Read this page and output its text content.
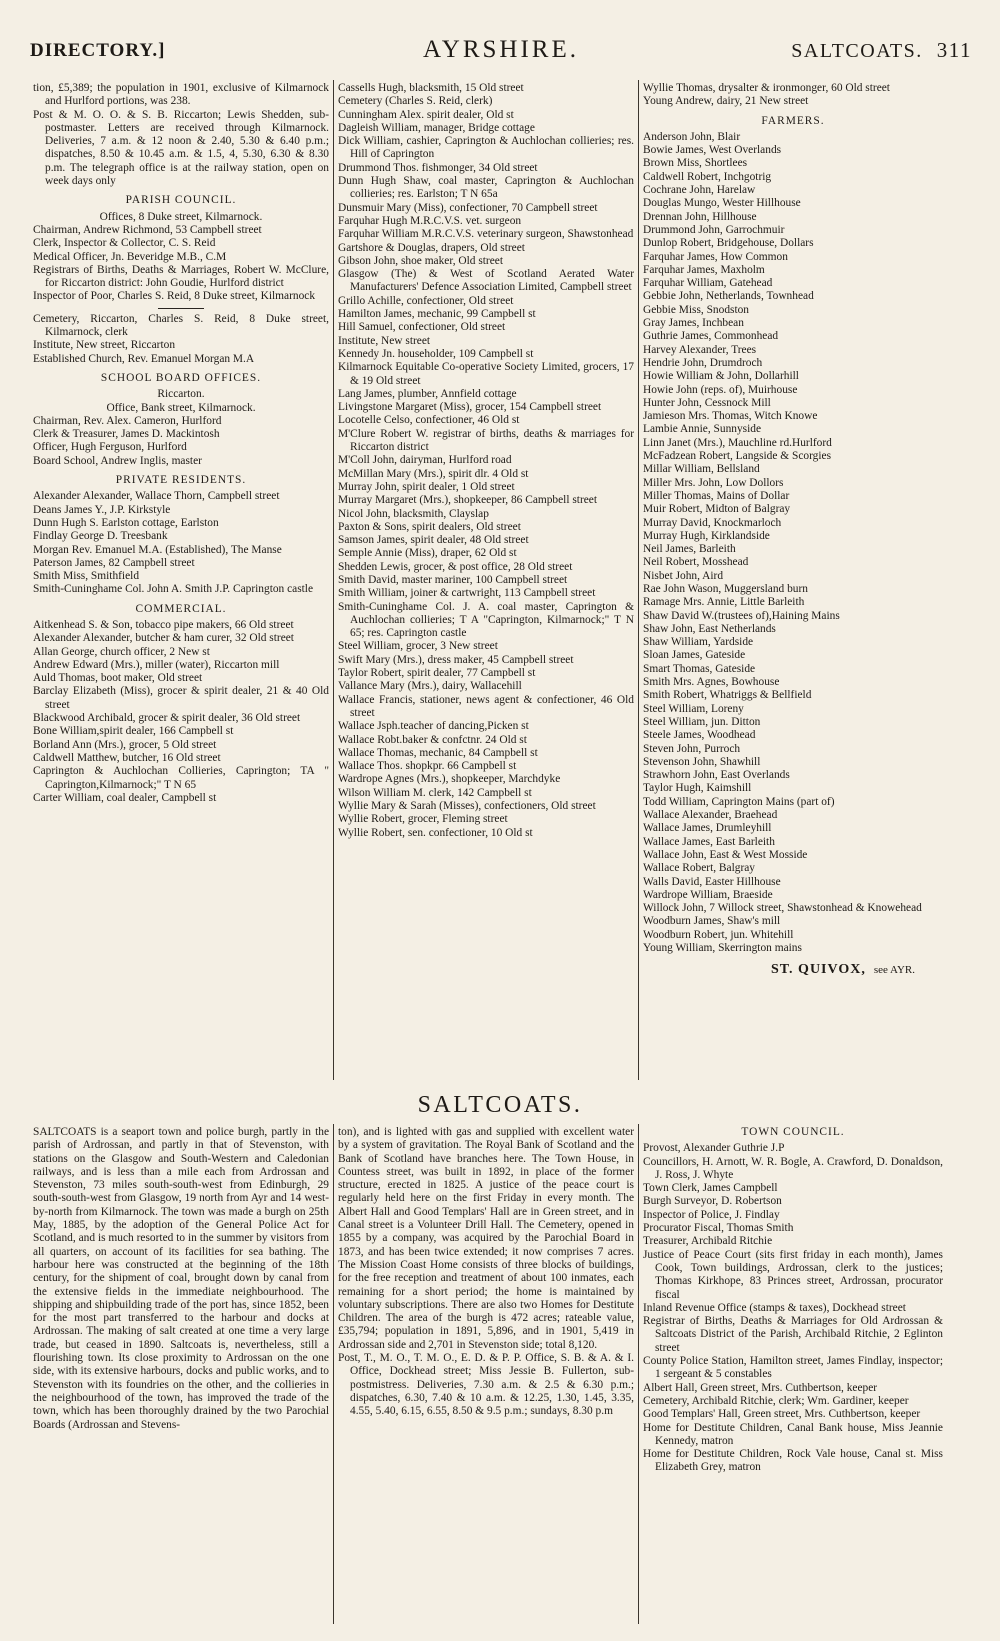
DIRECTORY.]	AYRSHIRE.	SALTCOATS. 311

tion, £5,389; the population in 1901, exclusive of Kilmarnock and Hurlford portions, was 238.

Post & M. O. O. & S. B. Riccarton; Lewis Shedden, sub-postmaster. Letters are received through Kilmarnock. Deliveries, 7 a.m. & 12 noon & 2.40, 5.30 & 6.40 p.m.; dispatches, 8.50 & 10.45 a.m. & 1.5, 4, 5.30, 6.30 & 8.30 p.m. The telegraph office is at the railway station, open on week days only

PARISH COUNCIL.

Offices, 8 Duke street, Kilmarnock.

Chairman, Andrew Richmond, 53 Campbell street

Clerk, Inspector & Collector, C. S. Reid

Medical Officer, Jn. Beveridge M.B., C.M

Registrars of Births, Deaths & Marriages, Robert W. McClure, for Riccarton district: John Goudie, Hurlford district

Inspector of Poor, Charles S. Reid, 8 Duke street, Kilmarnock

Cemetery, Riccarton, Charles S. Reid, 8 Duke street, Kilmarnock, clerk

Institute, New street, Riccarton

Established Church, Rev. Emanuel Morgan M.A

SCHOOL BOARD OFFICES.

Riccarton.

Office, Bank street, Kilmarnock.

Chairman, Rev. Alex. Cameron, Hurlford

Clerk & Treasurer, James D. Mackintosh

Officer, Hugh Ferguson, Hurlford

Board School, Andrew Inglis, master

PRIVATE RESIDENTS.

Alexander Alexander, Wallace Thorn, Campbell street

Deans James Y., J.P. Kirkstyle

Dunn Hugh S. Earlston cottage, Earlston

Findlay George D. Treesbank

Morgan Rev. Emanuel M.A. (Established), The Manse

Paterson James, 82 Campbell street

Smith Miss, Smithfield

Smith-Cuninghame Col. John A. Smith J.P. Caprington castle

COMMERCIAL.

Aitkenhead S. & Son, tobacco pipe makers, 66 Old street

Alexander Alexander, butcher & ham curer, 32 Old street

Allan George, church officer, 2 New st

Andrew Edward (Mrs.), miller (water), Riccarton mill

Auld Thomas, boot maker, Old street

Barclay Elizabeth (Miss), grocer & spirit dealer, 21 & 40 Old street

Blackwood Archibald, grocer & spirit dealer, 36 Old street

Bone William,spirit dealer, 166 Campbell st

Borland Ann (Mrs.), grocer, 5 Old street

Caldwell Matthew, butcher, 16 Old street

Caprington & Auchlochan Collieries, Caprington; TA " Caprington,Kilmarnock;" T N 65

Carter William, coal dealer, Campbell st

Cassells Hugh, blacksmith, 15 Old street

Cemetery (Charles S. Reid, clerk)

Cunningham Alex. spirit dealer, Old st

Dagleish William, manager, Bridge cottage

Dick William, cashier, Caprington & Auchlochan collieries; res. Hill of Caprington

Drummond Thos. fishmonger, 34 Old street

Dunn Hugh Shaw, coal master, Caprington & Auchlochan collieries; res. Earlston; T N 65a

Dunsmuir Mary (Miss), confectioner, 70 Campbell street

Farquhar Hugh M.R.C.V.S. vet. surgeon

Farquhar William M.R.C.V.S. veterinary surgeon, Shawstonhead

Gartshore & Douglas, drapers, Old street

Gibson John, shoe maker, Old street

Glasgow (The) & West of Scotland Aerated Water Manufacturers' Defence Association Limited, Campbell street

Grillo Achille, confectioner, Old street

Hamilton James, mechanic, 99 Campbell st

Hill Samuel, confectioner, Old street

Institute, New street

Kennedy Jn. householder, 109 Campbell st

Kilmarnock Equitable Co-operative Society Limited, grocers, 17 & 19 Old street

Lang James, plumber, Annfield cottage

Livingstone Margaret (Miss), grocer, 154 Campbell street

Locotelle Celso, confectioner, 46 Old st

M'Clure Robert W. registrar of births, deaths & marriages for Riccarton district

M'Coll John, dairyman, Hurlford road

McMillan Mary (Mrs.), spirit dlr. 4 Old st

Murray John, spirit dealer, 1 Old street

Murray Margaret (Mrs.), shopkeeper, 86 Campbell street

Nicol John, blacksmith, Clayslap

Paxton & Sons, spirit dealers, Old street

Samson James, spirit dealer, 48 Old street

Semple Annie (Miss), draper, 62 Old st

Shedden Lewis, grocer, & post office, 28 Old street

Smith David, master mariner, 100 Campbell street

Smith William, joiner & cartwright, 113 Campbell street

Smith-Cuninghame Col. J. A. coal master, Caprington & Auchlochan collieries; T A "Caprington, Kilmarnock;" T N 65; res. Caprington castle

Steel William, grocer, 3 New street

Swift Mary (Mrs.), dress maker, 45 Campbell street

Taylor Robert, spirit dealer, 77 Campbell st

Vallance Mary (Mrs.), dairy, Wallacehill

Wallace Francis, stationer, news agent & confectioner, 46 Old street

Wallace Jsph.teacher of dancing,Picken st

Wallace Robt.baker & confctnr. 24 Old st

Wallace Thomas, mechanic, 84 Campbell st

Wallace Thos. shopkpr. 66 Campbell st

Wardrope Agnes (Mrs.), shopkeeper, Marchdyke

Wilson William M. clerk, 142 Campbell st

Wyllie Mary & Sarah (Misses), confectioners, Old street

Wyllie Robert, grocer, Fleming street

Wyllie Robert, sen. confectioner, 10 Old st

Wyllie Thomas, drysalter & ironmonger, 60 Old street

Young Andrew, dairy, 21 New street

FARMERS.

Anderson John, Blair

Bowie James, West Overlands

Brown Miss, Shortlees

Caldwell Robert, Inchgotrig

Cochrane John, Harelaw

Douglas Mungo, Wester Hillhouse

Drennan John, Hillhouse

Drummond John, Garrochmuir

Dunlop Robert, Bridgehouse, Dollars

Farquhar James, How Common

Farquhar James, Maxholm

Farquhar William, Gatehead

Gebbie John, Netherlands, Townhead

Gebbie Miss, Snodston

Gray James, Inchbean

Guthrie James, Commonhead

Harvey Alexander, Trees

Hendrie John, Drumdroch

Howie William & John, Dollarhill

Howie John (reps. of), Muirhouse

Hunter John, Cessnock Mill

Jamieson Mrs. Thomas, Witch Knowe

Lambie Annie, Sunnyside

Linn Janet (Mrs.), Mauchline rd.Hurlford

McFadzean Robert, Langside & Scorgies

Millar William, Bellsland

Miller Mrs. John, Low Dollors

Miller Thomas, Mains of Dollar

Muir Robert, Midton of Balgray

Murray David, Knockmarloch

Murray Hugh, Kirklandside

Neil James, Barleith

Neil Robert, Mosshead

Nisbet John, Aird

Rae John Wason, Muggersland burn

Ramage Mrs. Annie, Little Barleith

Shaw David W.(trustees of),Haining Mains

Shaw John, East Netherlands

Shaw William, Yardside

Sloan James, Gateside

Smart Thomas, Gateside

Smith Mrs. Agnes, Bowhouse

Smith Robert, Whatriggs & Bellfield

Steel William, Loreny

Steel William, jun. Ditton

Steele James, Woodhead

Steven John, Purroch

Stevenson John, Shawhill

Strawhorn John, East Overlands

Taylor Hugh, Kaimshill

Todd William, Caprington Mains (part of)

Wallace Alexander, Braehead

Wallace James, Drumleyhill

Wallace James, East Barleith

Wallace John, East & West Mosside

Wallace Robert, Balgray

Walls David, Easter Hillhouse

Wardrope William, Braeside

Willock John, 7 Willock street, Shawstonhead & Knowehead

Woodburn James, Shaw's mill

Woodburn Robert, jun. Whitehill

Young William, Skerrington mains

ST. QUIVOX, see AYR.
SALTCOATS.

SALTCOATS is a seaport town and police burgh, partly in the parish of Ardrossan, and partly in that of Stevenston, with stations on the Glasgow and South-Western and Caledonian railways, and is less than a mile each from Ardrossan and Stevenston, 73 miles south-south-west from Edinburgh, 29 south-south-west from Glasgow, 19 north from Ayr and 14 west-by-north from Kilmarnock. The town was made a burgh on 25th May, 1885, by the adoption of the General Police Act for Scotland, and is much resorted to in the summer by visitors from all quarters, on account of its facilities for sea bathing. The harbour here was constructed at the beginning of the 18th century, for the shipment of coal, brought down by canal from the extensive fields in the immediate neighbourhood. The shipping and shipbuilding trade of the port has, since 1852, been for the most part transferred to the harbour and docks at Ardrossan. The making of salt created at one time a very large trade, but ceased in 1890. Saltcoats is, nevertheless, still a flourishing town. Its close proximity to Ardrossan on the one side, with its extensive harbours, docks and public works, and to Stevenston with its foundries on the other, and the collieries in the neighbourhood of the town, has improved the trade of the town, which has been thoroughly drained by the two Parochial Boards (Ardrossan and Stevens-

ton), and is lighted with gas and supplied with excellent water by a system of gravitation. The Royal Bank of Scotland and the Bank of Scotland have branches here. The Town House, in Countess street, was built in 1892, in place of the former structure, erected in 1825. A justice of the peace court is regularly held here on the first Friday in every month. The Albert Hall and Good Templars' Hall are in Green street, and in Canal street is a Volunteer Drill Hall. The Cemetery, opened in 1855 by a company, was acquired by the Parochial Board in 1873, and has been twice extended; it now comprises 7 acres. The Mission Coast Home consists of three blocks of buildings, for the free reception and treatment of about 100 inmates, each remaining for a short period; the home is maintained by voluntary subscriptions. There are also two Homes for Destitute Children. The area of the burgh is 472 acres; rateable value, £35,794; population in 1891, 5,896, and in 1901, 5,419 in Ardrossan side and 2,701 in Stevenston side; total 8,120.

Post, T., M. O., T. M. O., E. D. & P. P. Office, S. B. & A. & I. Office, Dockhead street; Miss Jessie B. Fullerton, sub-postmistress. Deliveries, 7.30 a.m. & 2.5 & 6.30 p.m.; dispatches, 6.30, 7.40 & 10 a.m. & 12.25, 1.30, 1.45, 3.35, 4.55, 5.40, 6.15, 6.55, 8.50 & 9.5 p.m.; sundays, 8.30 p.m

TOWN COUNCIL.

Provost, Alexander Guthrie J.P

Councillors, H. Arnott, W. R. Bogle, A. Crawford, D. Donaldson, J. Ross, J. Whyte

Town Clerk, James Campbell

Burgh Surveyor, D. Robertson

Inspector of Police, J. Findlay

Procurator Fiscal, Thomas Smith

Treasurer, Archibald Ritchie

Justice of Peace Court (sits first friday in each month), James Cook, Town buildings, Ardrossan, clerk to the justices; Thomas Kirkhope, 83 Princes street, Ardrossan, procurator fiscal

Inland Revenue Office (stamps & taxes), Dockhead street

Registrar of Births, Deaths & Marriages for Old Ardrossan & Saltcoats District of the Parish, Archibald Ritchie, 2 Eglinton street

County Police Station, Hamilton street, James Findlay, inspector; 1 sergeant & 5 constables

Albert Hall, Green street, Mrs. Cuthbertson, keeper

Cemetery, Archibald Ritchie, clerk; Wm. Gardiner, keeper

Good Templars' Hall, Green street, Mrs. Cuthbertson, keeper

Home for Destitute Children, Canal Bank house, Miss Jeannie Kennedy, matron

Home for Destitute Children, Rock Vale house, Canal st. Miss Elizabeth Grey, matron
